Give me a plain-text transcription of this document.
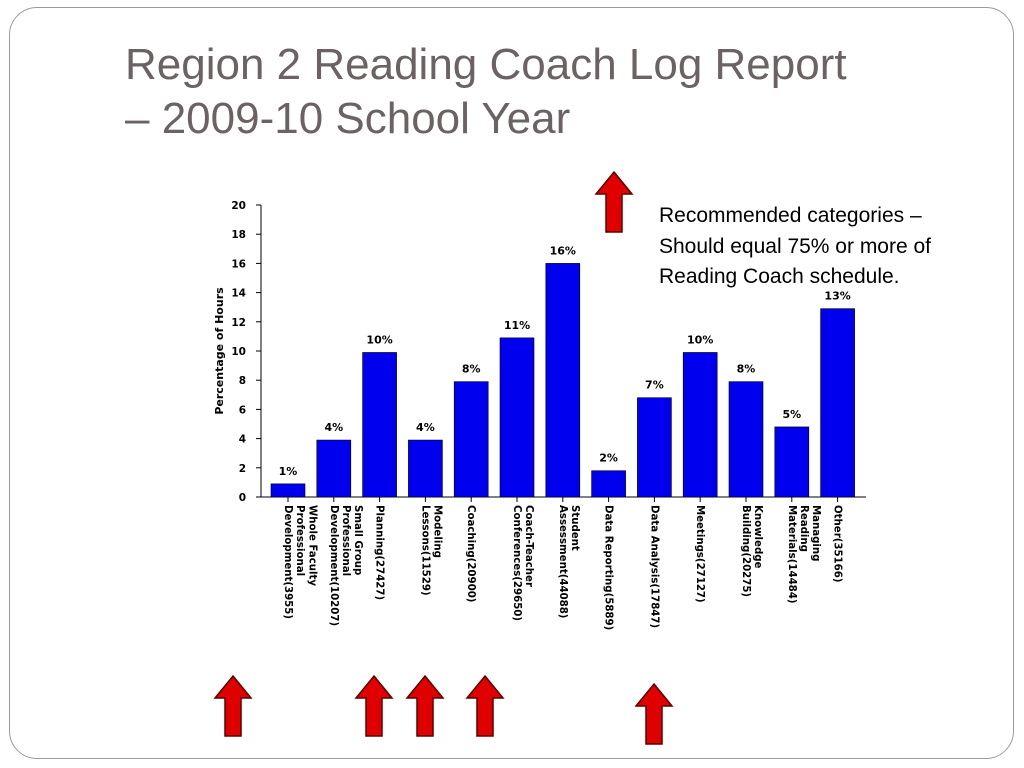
Region 2 Reading Coach Log Report
– 2009-10 School Year
Recommended categories –
Should equal 75% or more of
Reading Coach schedule.
0
2
4
6
8
10
12
14
16
18
20
Percentage of Hours
1%
Whole Faculty
Professional
Development(3955)
4%
Small Group
Professional
Development(10207)
10%
Planning(27427)
4%
Modeling
Lessons(11529)
8%
Coaching(20900)
11%
Coach-Teacher
Conferences(29650)
16%
Student
Assessment(44088)
2%
Data Reporting(5889)
7%
Data Analysis(17847)
10%
Meetings(27127)
8%
Knowledge
Building(20275)
5%
Managing
Reading
Materials(14484)
13%
Other(35166)
